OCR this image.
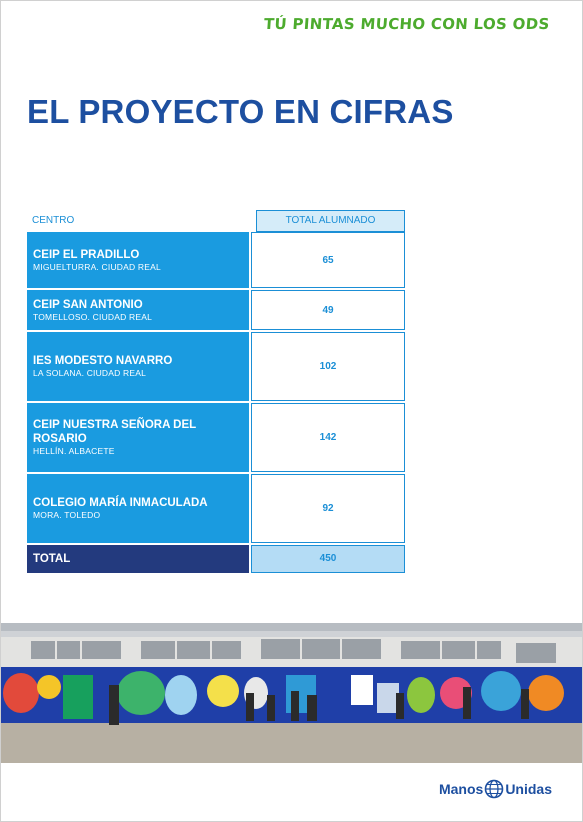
TÚ PINTAS MUCHO CON LOS ODS
EL PROYECTO EN CIFRAS
CENTRO	TOTAL ALUMNADO
CEIP EL PRADILLO
MIGUELTURRA. CIUDAD REAL
65
CEIP SAN ANTONIO
TOMELLOSO. CIUDAD REAL
49
IES MODESTO NAVARRO
LA SOLANA. CIUDAD REAL
102
CEIP NUESTRA SEÑORA DEL
ROSARIO
HELLÍN. ALBACETE
142
COLEGIO MARÍA INMACULADA
MORA. TOLEDO
92
TOTAL	450
Manos Unidas
